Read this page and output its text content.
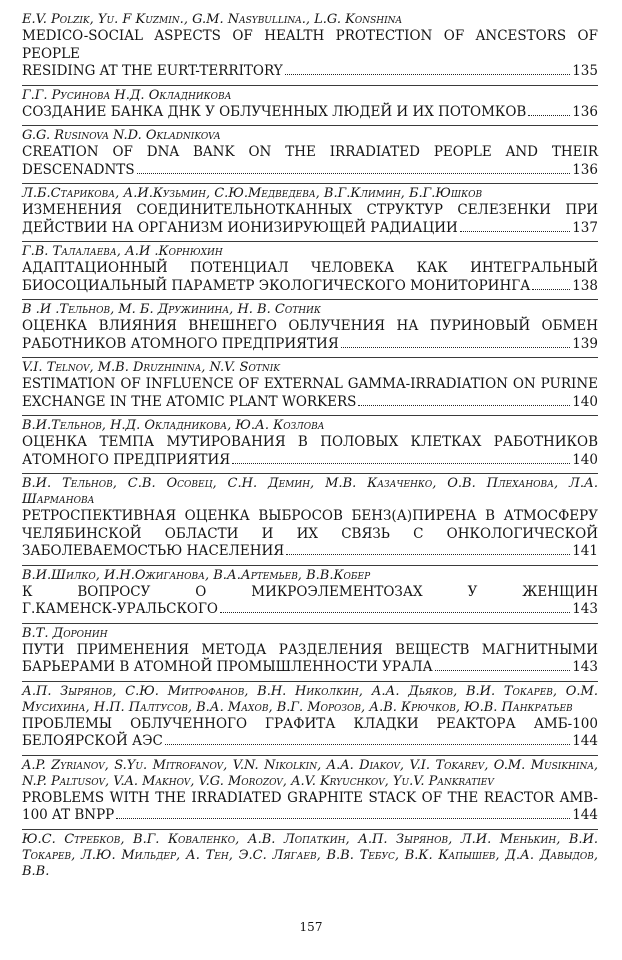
E.V. Polzik, Yu. F Kuzmin., G.M. Nasybullina., L.G. Konshina
MEDICO-SOCIAL ASPECTS OF HEALTH PROTECTION OF ANCESTORS OF PEOPLE
RESIDING AT THE EURT-TERRITORY	135
Г.Г. Русинова Н.Д. Окладникова
СОЗДАНИЕ БАНКА ДНК У ОБЛУЧЕННЫХ ЛЮДЕЙ И ИХ ПОТОМКОВ	136
G.G. Rusinova N.D. Okladnikova
CREATION OF DNA BANK ON THE IRRADIATED PEOPLE AND THEIR
DESCENADNTS	136
Л.Б.Старикова, А.И.Кузьмин, С.Ю.Медведева, В.Г.Климин, Б.Г.Юшков
ИЗМЕНЕНИЯ СОЕДИНИТЕЛЬНОТКАННЫХ СТРУКТУР СЕЛЕЗЕНКИ ПРИ
ДЕЙСТВИИ НА ОРГАНИЗМ ИОНИЗИРУЮЩЕЙ РАДИАЦИИ	137
Г.В. Талалаева, А.И .Корнюхин
АДАПТАЦИОННЫЙ ПОТЕНЦИАЛ ЧЕЛОВЕКА КАК ИНТЕГРАЛЬНЫЙ
БИОСОЦИАЛЬНЫЙ ПАРАМЕТР ЭКОЛОГИЧЕСКОГО МОНИТОРИНГА	138
В .И .Тельнов, М. Б. Дружинина, Н. В. Сотник
ОЦЕНКА ВЛИЯНИЯ ВНЕШНЕГО ОБЛУЧЕНИЯ НА ПУРИНОВЫЙ ОБМЕН
РАБОТНИКОВ АТОМНОГО ПРЕДПРИЯТИЯ	139
V.I. Telnov, M.B. Druzhinina, N.V. Sotnik
ESTIMATION OF INFLUENCE OF EXTERNAL GAMMA-IRRADIATION ON PURINE
EXCHANGE IN THE ATOMIC PLANT WORKERS	140
В.И.Тельнов, Н.Д. Окладникова, Ю.А. Козлова
ОЦЕНКА ТЕМПА МУТИРОВАНИЯ В ПОЛОВЫХ КЛЕТКАХ РАБОТНИКОВ
АТОМНОГО ПРЕДПРИЯТИЯ	140
В.И. Тельнов, С.В. Осовец, С.Н. Демин, М.В. Казаченко, О.В. Плеханова, Л.А. Шарманова
РЕТРОСПЕКТИВНАЯ ОЦЕНКА ВЫБРОСОВ БЕНЗ(А)ПИРЕНА В АТМОСФЕРУ
ЧЕЛЯБИНСКОЙ ОБЛАСТИ И ИХ СВЯЗЬ С ОНКОЛОГИЧЕСКОЙ
ЗАБОЛЕВАЕМОСТЬЮ НАСЕЛЕНИЯ	141
В.И.Шилко, И.Н.Ожиганова, В.А.Артемьев, В.В.Кобер
К ВОПРОСУ О МИКРОЭЛЕМЕНТОЗАХ У ЖЕНЩИН
Г.КАМЕНСК-УРАЛЬСКОГО	143
В.Т. Доронин
ПУТИ ПРИМЕНЕНИЯ МЕТОДА РАЗДЕЛЕНИЯ ВЕЩЕСТВ МАГНИТНЫМИ
БАРЬЕРАМИ В АТОМНОЙ ПРОМЫШЛЕННОСТИ УРАЛА	143
А.П. Зырянов, С.Ю. Митрофанов, В.Н. Николкин, А.А. Дьяков, В.И. Токарев, О.М. Мусихина, Н.П. Палтусов, В.А. Махов, В.Г. Морозов, А.В. Крючков, Ю.В. Панкратьев
ПРОБЛЕМЫ ОБЛУЧЕННОГО ГРАФИТА КЛАДКИ РЕАКТОРА АМБ-100
БЕЛОЯРСКОЙ АЭС	144
A.P. Zyrianov, S.Yu. Mitrofanov, V.N. Nikolkin, A.A. Diakov, V.I. Tokarev, O.M. Musikhina, N.P. Paltusov, V.A. Makhov, V.G. Morozov, A.V. Kryuchkov, Yu.V. Pankratiev
PROBLEMS WITH THE IRRADIATED GRAPHITE STACK OF THE REACTOR AMB-
100 AT BNPP	144
Ю.С. Стребков, В.Г. Коваленко, А.В. Лопаткин, А.П. Зырянов, Л.И. Менькин, В.И. Токарев, Л.Ю. Мильдер, А. Тен, Э.С. Лягаев, В.В. Тебус, В.К. Капышев, Д.А. Давыдов, В.В.
157
